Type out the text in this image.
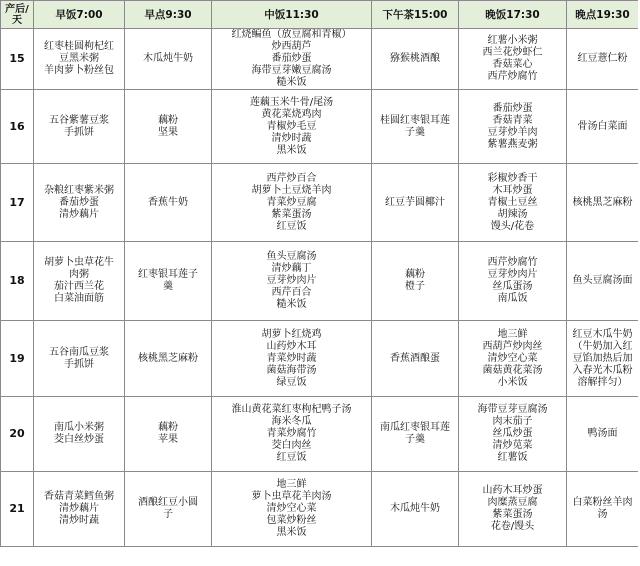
产后/天	早饭7:00	早点9:30	中饭11:30	下午茶15:00	晚饭17:30	晚点19:30
15	红枣桂圆枸杞红
豆黑米粥
羊肉萝卜粉丝包	木瓜炖牛奶	红烧鳊鱼（放豆腐和青椒）
炒西葫芦
番茄炒蛋
海带豆芽嫩豆腐汤
糙米饭	猕猴桃酒酿	红薯小米粥
西兰花炒虾仁
香菇菜心
西芹炒腐竹	红豆薏仁粉

16	五谷紫薯豆浆
手抓饼	藕粉
坚果	莲藕玉米牛骨/尾汤
黄花菜烧鸡肉
青椒炒毛豆
清炒时蔬
黑米饭	桂圆红枣银耳莲
子羹	番茄炒蛋
香菇青菜
豆芽炒羊肉
紫薯燕麦粥	骨汤白菜面

17	杂粮红枣紫米粥
番茄炒蛋
清炒藕片	香蕉牛奶	西芹炒百合
胡萝卜土豆烧羊肉
青菜炒豆腐
紫菜蛋汤
红豆饭	红豆芋圆椰汁	彩椒炒香干
木耳炒蛋
青椒土豆丝
胡辣汤
馒头/花卷	核桃黑芝麻粉

18	胡萝卜虫草花牛
肉粥
茄汁西兰花
白菜油面筋	红枣银耳莲子
羹	鱼头豆腐汤
清炒藕丁
豆芽炒肉片
西芹百合
糙米饭	藕粉
橙子	西芹炒腐竹
豆芽炒肉片
丝瓜蛋汤
南瓜饭	鱼头豆腐汤面

19	五谷南瓜豆浆
手抓饼	核桃黑芝麻粉	胡萝卜红烧鸡
山药炒木耳
青菜炒时蔬
菌菇海带汤
绿豆饭	香蕉酒酿蛋	地三鲜
西葫芦炒肉丝
清炒空心菜
菌菇黄花菜汤
小米饭	红豆木瓜牛奶（牛奶加入红豆馅加热后加入春光木瓜粉溶解拌匀）

20	南瓜小米粥
茭白丝炒蛋	藕粉
苹果	淮山黄花菜红枣枸杞鸭子汤
海米冬瓜
青菜炒腐竹
茭白肉丝
红豆饭	南瓜红枣银耳莲
子羹	海带豆芽豆腐汤
肉末茄子
丝瓜炒蛋
清炒苋菜
红薯饭	鸭汤面

21	香菇青菜鳕鱼粥
清炒藕片
清炒时蔬	酒酿红豆小圆
子	地三鲜
萝卜虫草花羊肉汤
清炒空心菜
包菜炒粉丝
黑米饭	木瓜炖牛奶	山药木耳炒蛋
肉糜蒸豆腐
紫菜蛋汤
花卷/馒头	白菜粉丝羊肉
汤
